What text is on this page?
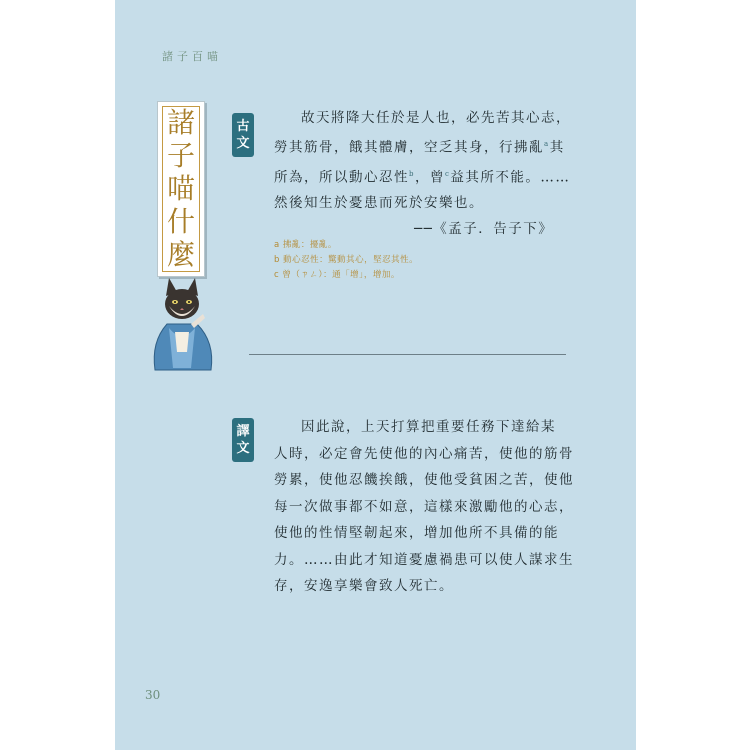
諸子百喵
諸
子
喵
什
麼
古
文
故天將降大任於是人也，必先苦其心志，
勞其筋骨，餓其體膚，空乏其身，行拂亂$^a$其
所為，所以動心忍性$^b$，曾$^c$益其所不能。……
然後知生於憂患而死於安樂也。
──《孟子．告子下》
a 拂亂：擾亂。
b 動心忍性：驚動其心，堅忍其性。
c 曾（ㄗㄥ）：通「增」，增加。
譯
文
因此說，上天打算把重要任務下達給某
人時，必定會先使他的內心痛苦，使他的筋骨
勞累，使他忍饑挨餓，使他受貧困之苦，使他
每一次做事都不如意，這樣來激勵他的心志，
使他的性情堅韌起來，增加他所不具備的能
力。……由此才知道憂慮禍患可以使人謀求生
存，安逸享樂會致人死亡。
30
